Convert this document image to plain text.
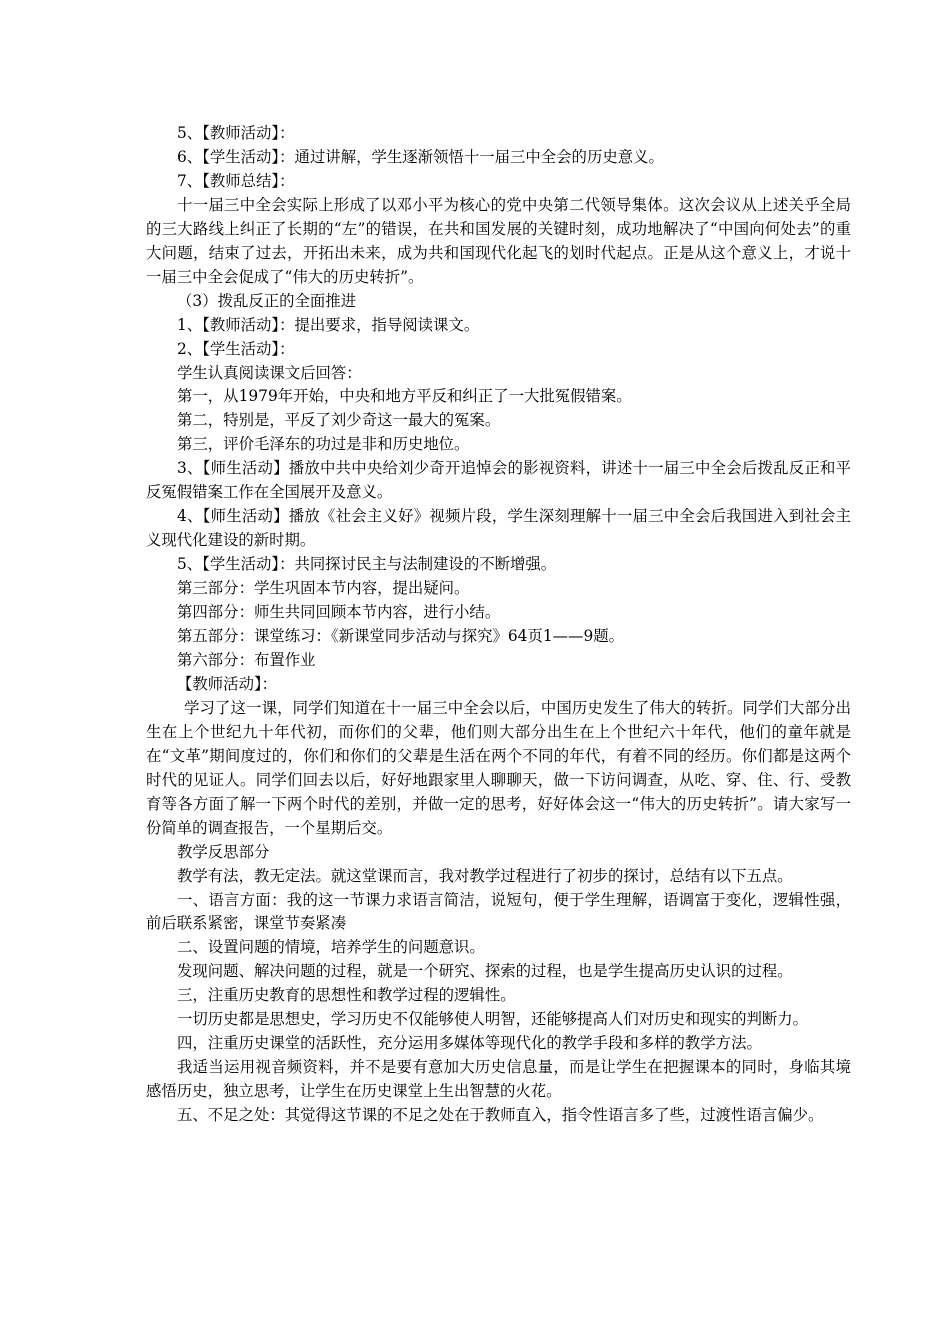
5、【教师活动】：

6、【学生活动】：通过讲解，学生逐渐领悟十一届三中全会的历史意义。

7、【教师总结】：

十一届三中全会实际上形成了以邓小平为核心的党中央第二代领导集体。这次会议从上述关乎全局的三大路线上纠正了长期的“左”的错误，在共和国发展的关键时刻，成功地解决了“中国向何处去”的重大问题，结束了过去，开拓出未来，成为共和国现代化起飞的划时代起点。正是从这个意义上，才说十一届三中全会促成了“伟大的历史转折”。

（3）拨乱反正的全面推进

1、【教师活动】：提出要求，指导阅读课文。

2、【学生活动】：

学生认真阅读课文后回答：

第一，从1979年开始，中央和地方平反和纠正了一大批冤假错案。

第二，特别是，平反了刘少奇这一最大的冤案。

第三，评价毛泽东的功过是非和历史地位。

3、【师生活动】播放中共中央给刘少奇开追悼会的影视资料，讲述十一届三中全会后拨乱反正和平反冤假错案工作在全国展开及意义。

4、【师生活动】播放《社会主义好》视频片段，学生深刻理解十一届三中全会后我国进入到社会主义现代化建设的新时期。

5、【学生活动】：共同探讨民主与法制建设的不断增强。

第三部分：学生巩固本节内容，提出疑问。

第四部分：师生共同回顾本节内容，进行小结。

第五部分：课堂练习：《新课堂同步活动与探究》64页1——9题。

第六部分：布置作业

【教师活动】：

学习了这一课，同学们知道在十一届三中全会以后，中国历史发生了伟大的转折。同学们大部分出生在上个世纪九十年代初，而你们的父辈，他们则大部分出生在上个世纪六十年代，他们的童年就是在“文革”期间度过的，你们和你们的父辈是生活在两个不同的年代，有着不同的经历。你们都是这两个时代的见证人。同学们回去以后，好好地跟家里人聊聊天，做一下访问调查，从吃、穿、住、行、受教育等各方面了解一下两个时代的差别，并做一定的思考，好好体会这一“伟大的历史转折”。请大家写一份简单的调查报告，一个星期后交。

教学反思部分

教学有法，教无定法。就这堂课而言，我对教学过程进行了初步的探讨，总结有以下五点。

一、语言方面：我的这一节课力求语言简洁，说短句，便于学生理解，语调富于变化，逻辑性强，前后联系紧密，课堂节奏紧凑

二、设置问题的情境，培养学生的问题意识。

发现问题、解决问题的过程，就是一个研究、探索的过程，也是学生提高历史认识的过程。

三，注重历史教育的思想性和教学过程的逻辑性。

一切历史都是思想史，学习历史不仅能够使人明智，还能够提高人们对历史和现实的判断力。

四，注重历史课堂的活跃性，充分运用多媒体等现代化的教学手段和多样的教学方法。

我适当运用视音频资料，并不是要有意加大历史信息量，而是让学生在把握课本的同时，身临其境感悟历史，独立思考，让学生在历史课堂上生出智慧的火花。

五、不足之处：其觉得这节课的不足之处在于教师直入，指令性语言多了些，过渡性语言偏少。
